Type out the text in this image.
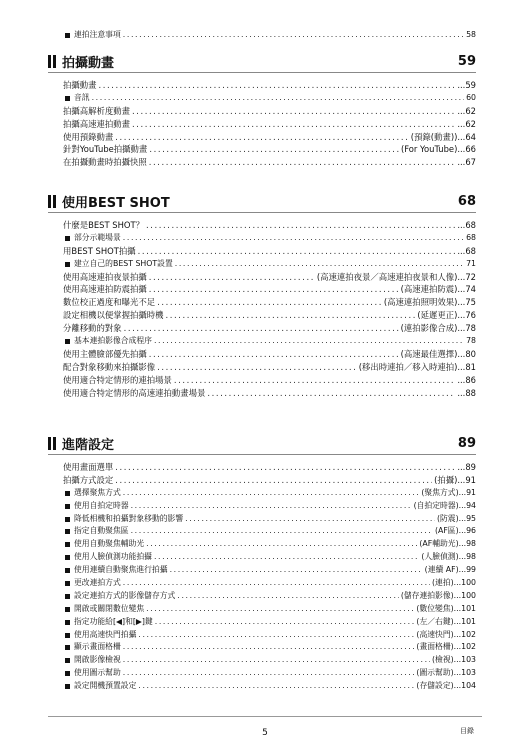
連拍注意事項 .....	58
拍攝動畫	59
拍攝動畫 .....	...59
音訊 .....	60
拍攝高解析度動畫 .....	...62
拍攝高速連拍動畫 .....	...62
使用預錄動畫 .....	(預錄(動畫))...64
針對YouTube拍攝動畫 .....	(For YouTube)...66
在拍攝動畫時拍攝快照 .....	...67
使用BEST SHOT	68
什麼是BEST SHOT？ .....	...68
部分示範場景 .....	68
用BEST SHOT拍攝 .....	...68
建立自己的BEST SHOT設置 .....	71
使用高速連拍夜景拍攝 .....	(高速連拍夜景／高速連拍夜景和人像)...72
使用高速連拍防震拍攝 .....	(高速連拍防震)...74
數位校正過度和曝光不足 .....	(高速連拍照明效果)...75
設定相機以便掌握拍攝時機 .....	(延遲更正)...76
分離移動的對象 .....	(連拍影像合成)...78
基本連拍影像合成程序 .....	78
使用主體臉部優先拍攝 .....	(高速最佳選擇)...80
配合對象移動來拍攝影像 .....	(移出時連拍／移入時連拍)...81
使用適合特定情形的連拍場景 .....	...86
使用適合特定情形的高速連拍動畫場景 .....	...88
進階設定	89
使用畫面選單 .....	...89
拍攝方式設定 .....	(拍攝)...91
選擇聚焦方式 .....	(聚焦方式)...91
使用自拍定時器 .....	(自拍定時器)...94
降低相機和拍攝對象移動的影響 .....	(防震)...95
指定自動聚焦區 .....	(AF區)...96
使用自動聚焦輔助光 .....	(AF輔助光)...98
使用人臉偵測功能拍攝 .....	(人臉偵測)...98
使用連續自動聚焦進行拍攝 .....	(連續 AF)...99
更改連拍方式 .....	(連拍)...100
設定連拍方式的影像儲存方式 .....	(儲存連拍影像)...100
開啟或關閉數位變焦 .....	(數位變焦)...101
指定功能給[◀]和[▶]鍵 .....	(左／右鍵)...101
使用高速快門拍攝 .....	(高速快門)...102
顯示畫面格柵 .....	(畫面格柵)...102
開啟影像檢視 .....	(檢視)...103
使用圖示幫助 .....	(圖示幫助)...103
設定開機預置設定 .....	(存儲設定)...104
5	目錄
